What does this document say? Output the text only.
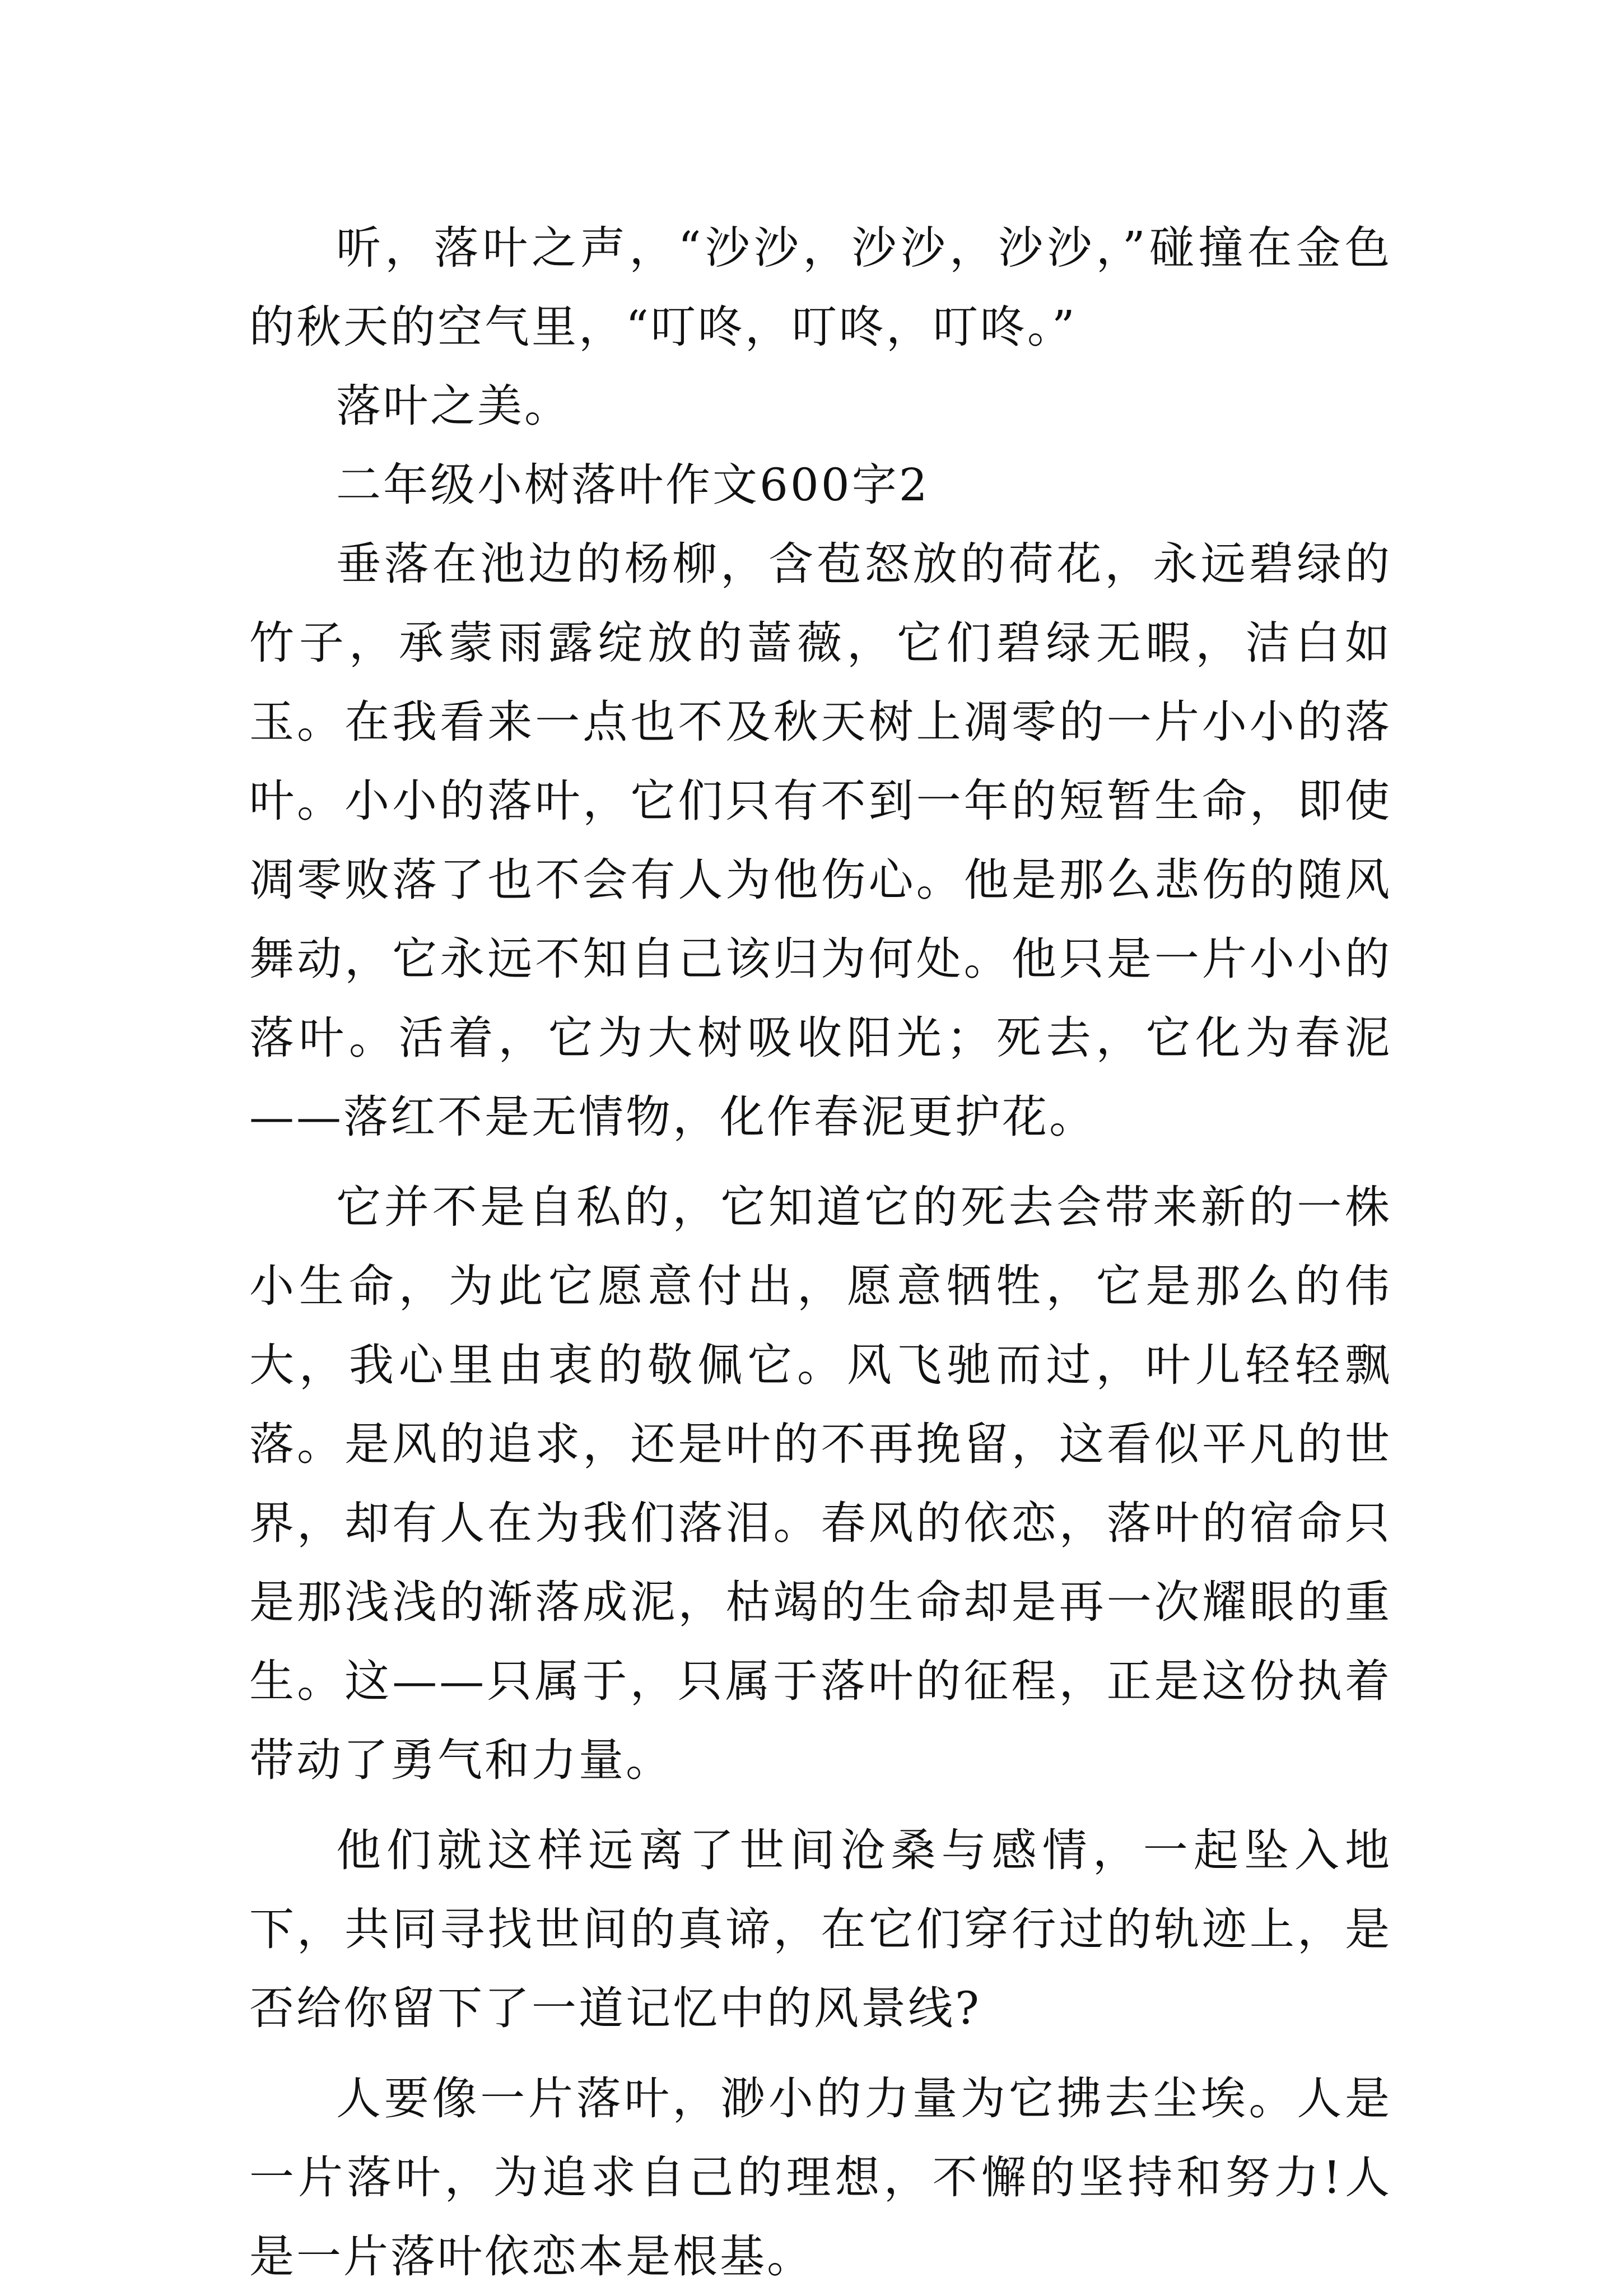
听，落叶之声，“沙沙，沙沙，沙沙，”碰撞在金色的秋天的空气里，“叮咚，叮咚，叮咚。”

落叶之美。

二年级小树落叶作文600字2

垂落在池边的杨柳，含苞怒放的荷花，永远碧绿的竹子，承蒙雨露绽放的蔷薇，它们碧绿无暇，洁白如玉。在我看来一点也不及秋天树上凋零的一片小小的落叶。小小的落叶，它们只有不到一年的短暂生命，即使凋零败落了也不会有人为他伤心。他是那么悲伤的随风舞动，它永远不知自己该归为何处。他只是一片小小的落叶。活着，它为大树吸收阳光；死去，它化为春泥——落红不是无情物，化作春泥更护花。

它并不是自私的，它知道它的死去会带来新的一株小生命，为此它愿意付出，愿意牺牲，它是那么的伟大，我心里由衷的敬佩它。风飞驰而过，叶儿轻轻飘落。是风的追求，还是叶的不再挽留，这看似平凡的世界，却有人在为我们落泪。春风的依恋，落叶的宿命只是那浅浅的渐落成泥，枯竭的生命却是再一次耀眼的重生。这——只属于，只属于落叶的征程，正是这份执着带动了勇气和力量。

他们就这样远离了世间沧桑与感情，一起坠入地下，共同寻找世间的真谛，在它们穿行过的轨迹上，是否给你留下了一道记忆中的风景线?

人要像一片落叶，渺小的力量为它拂去尘埃。人是一片落叶，为追求自己的理想，不懈的坚持和努力!人是一片落叶依恋本是根基。
